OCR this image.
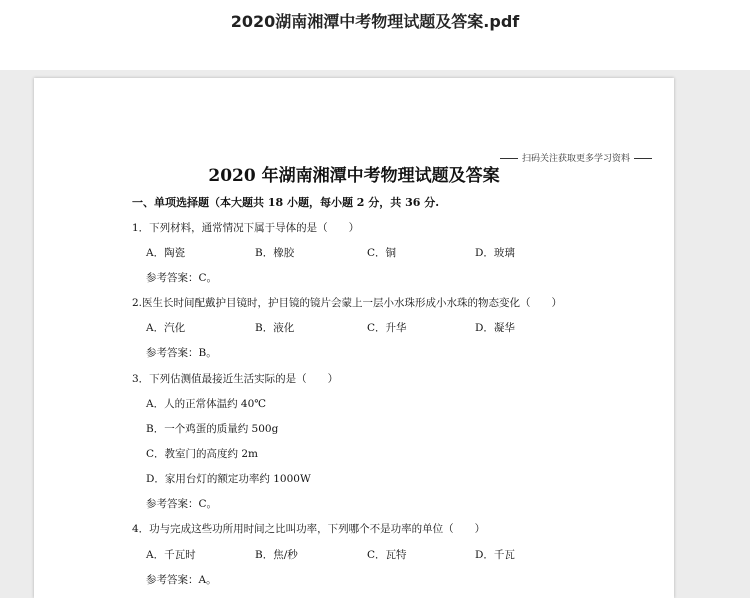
2020湖南湘潭中考物理试题及答案.pdf
扫码关注获取更多学习资料
2020 年湖南湘潭中考物理试题及答案
一、单项选择题（本大题共 18 小题，每小题 2 分，共 36 分.
1．下列材料，通常情况下属于导体的是（　　）
A．陶瓷	B．橡胶	C．铜	D．玻璃
参考答案：C。
2.医生长时间配戴护目镜时，护目镜的镜片会蒙上一层小水珠形成小水珠的物态变化（　　）
A．汽化	B．液化	C．升华	D．凝华
参考答案：B。
3．下列估测值最接近生活实际的是（　　）
A．人的正常体温约 40℃
B．一个鸡蛋的质量约 500g
C．教室门的高度约 2m
D．家用台灯的额定功率约 1000W
参考答案：C。
4．功与完成这些功所用时间之比叫功率，下列哪个不是功率的单位（　　）
A．千瓦时	B．焦/秒	C．瓦特	D．千瓦
参考答案：A。
